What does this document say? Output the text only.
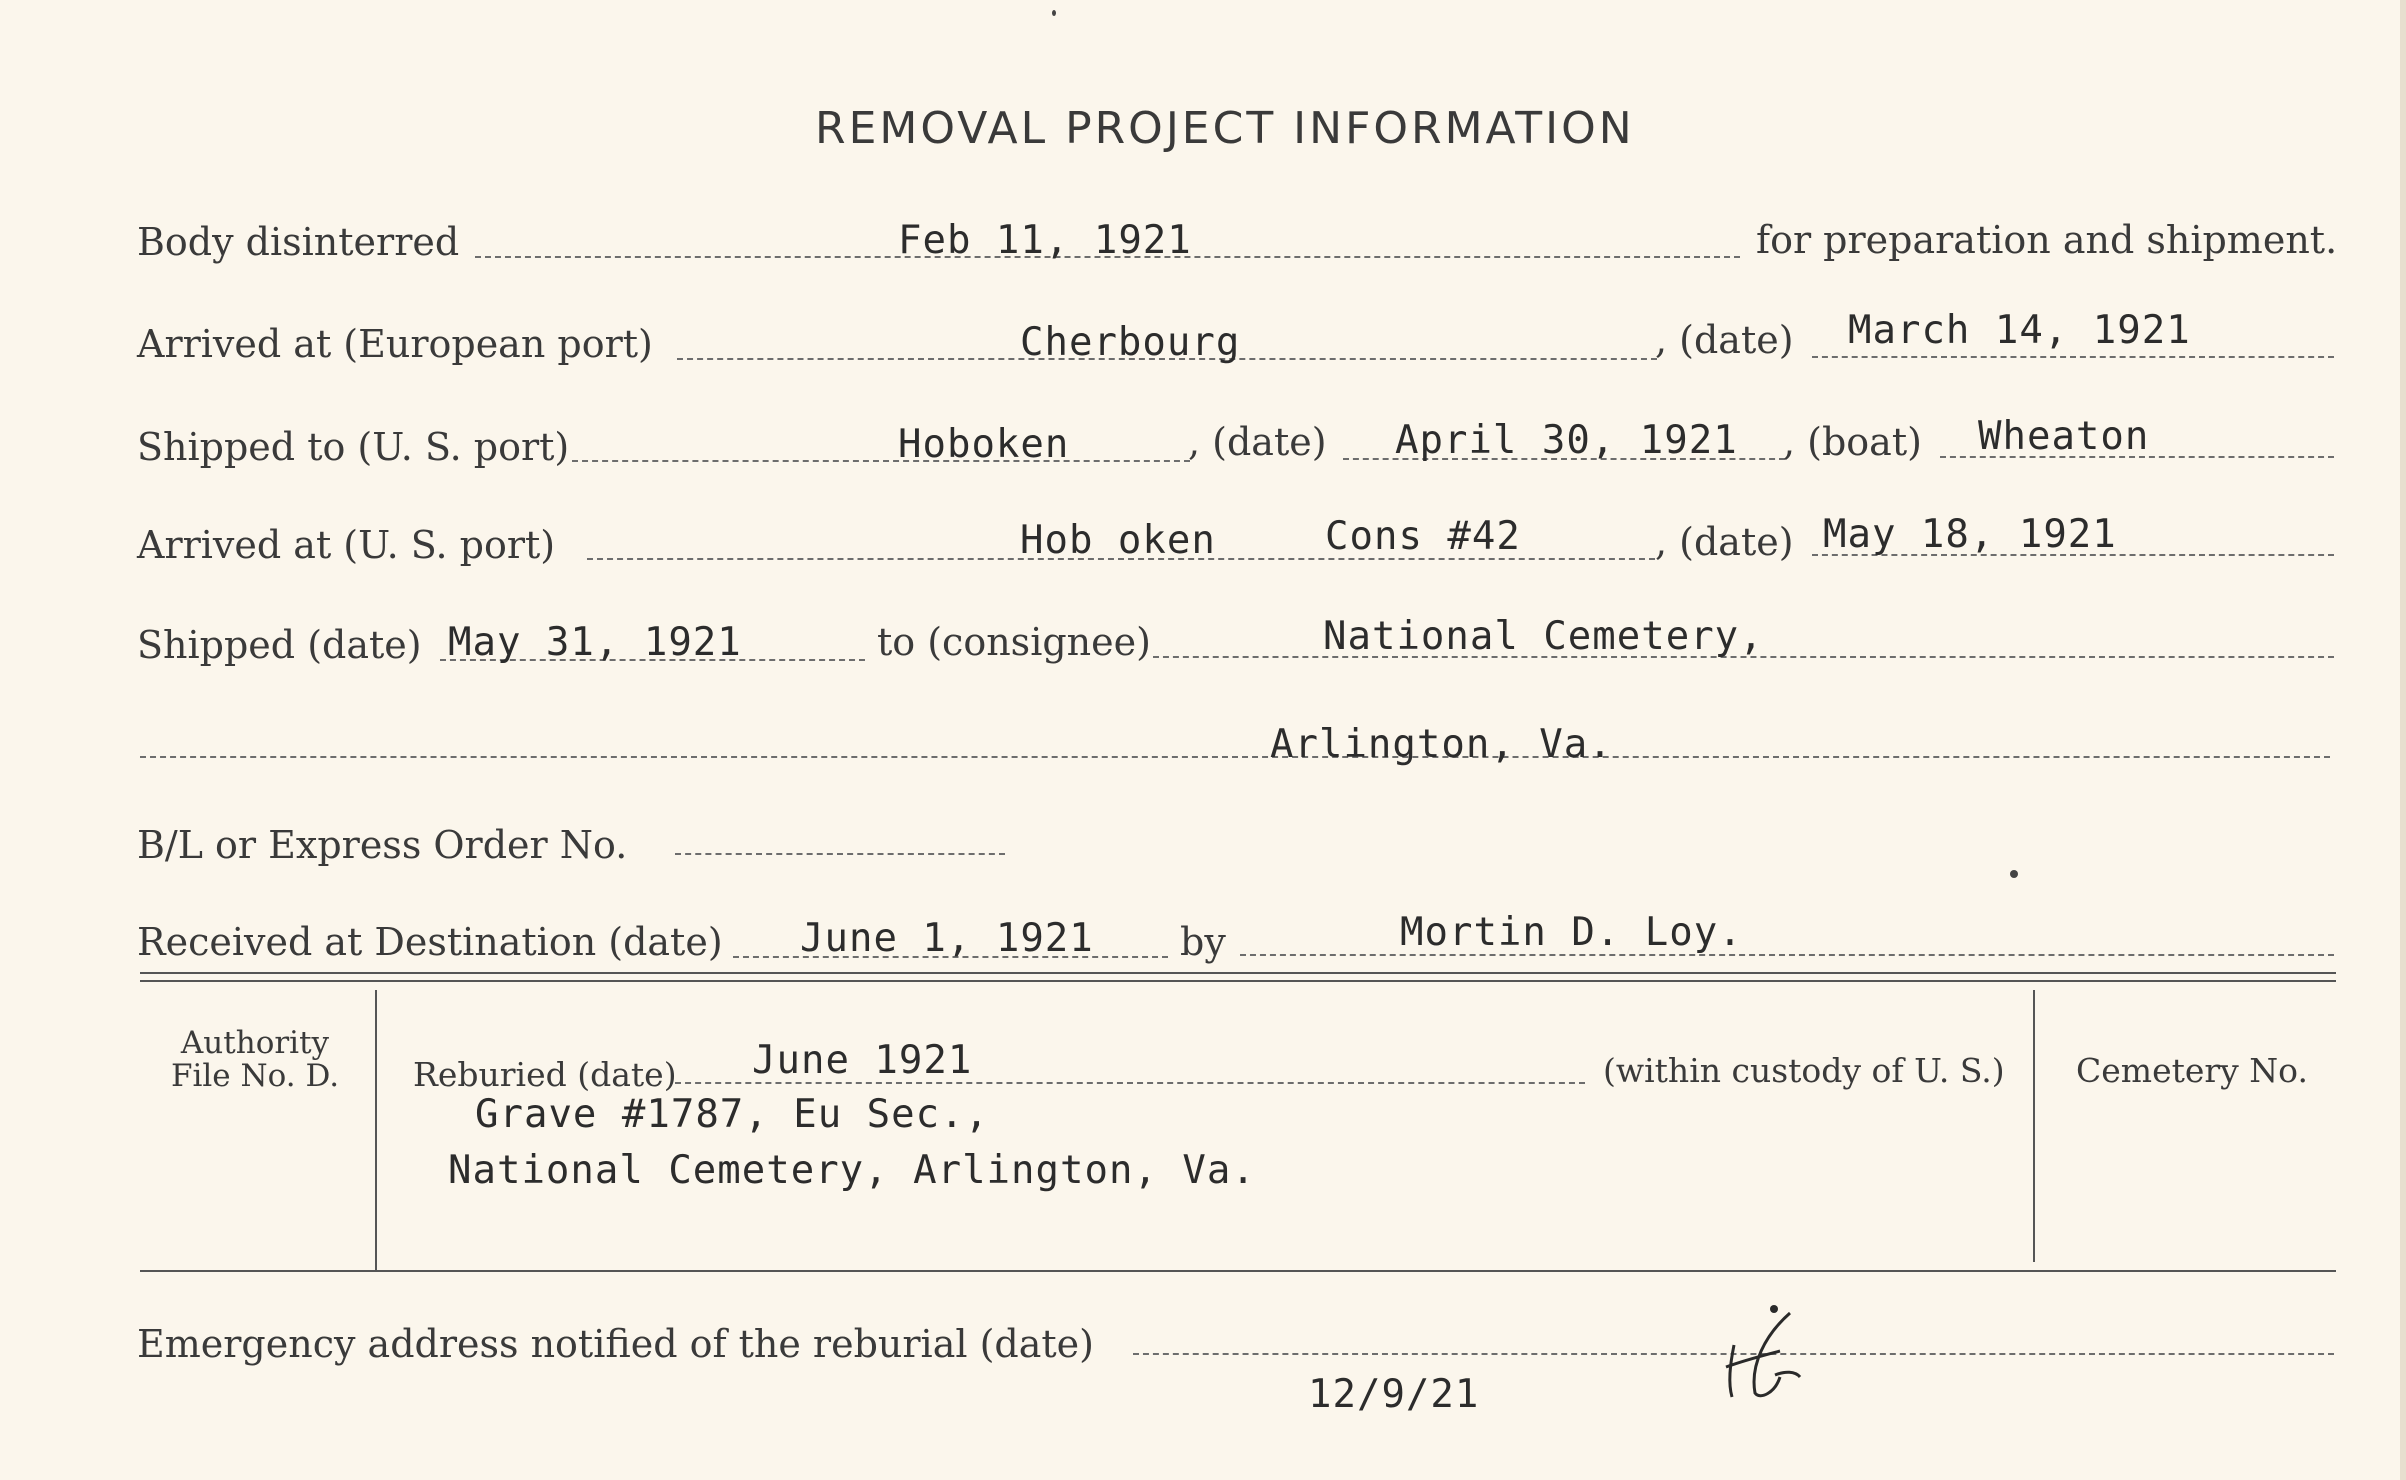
REMOVAL PROJECT INFORMATION
Body disinterred	Feb 11, 1921	for preparation and shipment.
Arrived at (European port)	Cherbourg	, (date) March 14, 1921
Shipped to (U. S. port)	Hoboken	, (date) April 30, 1921 , (boat) Wheaton
Arrived at (U. S. port)	Hob oken	Cons #42	, (date) May 18, 1921
Shipped (date) May 31, 1921	to (consignee)	National Cemetery,
Arlington, Va.
B/L or Express Order No.
Received at Destination (date) June 1, 1921 by	Mortin D. Loy.
Authority
File No. D.	Reburied (date) June 1921	(within custody of U. S.)
Grave #1787, Eu Sec.,
National Cemetery, Arlington, Va.
Cemetery No.
Emergency address notified of the reburial (date)
12/9/21
